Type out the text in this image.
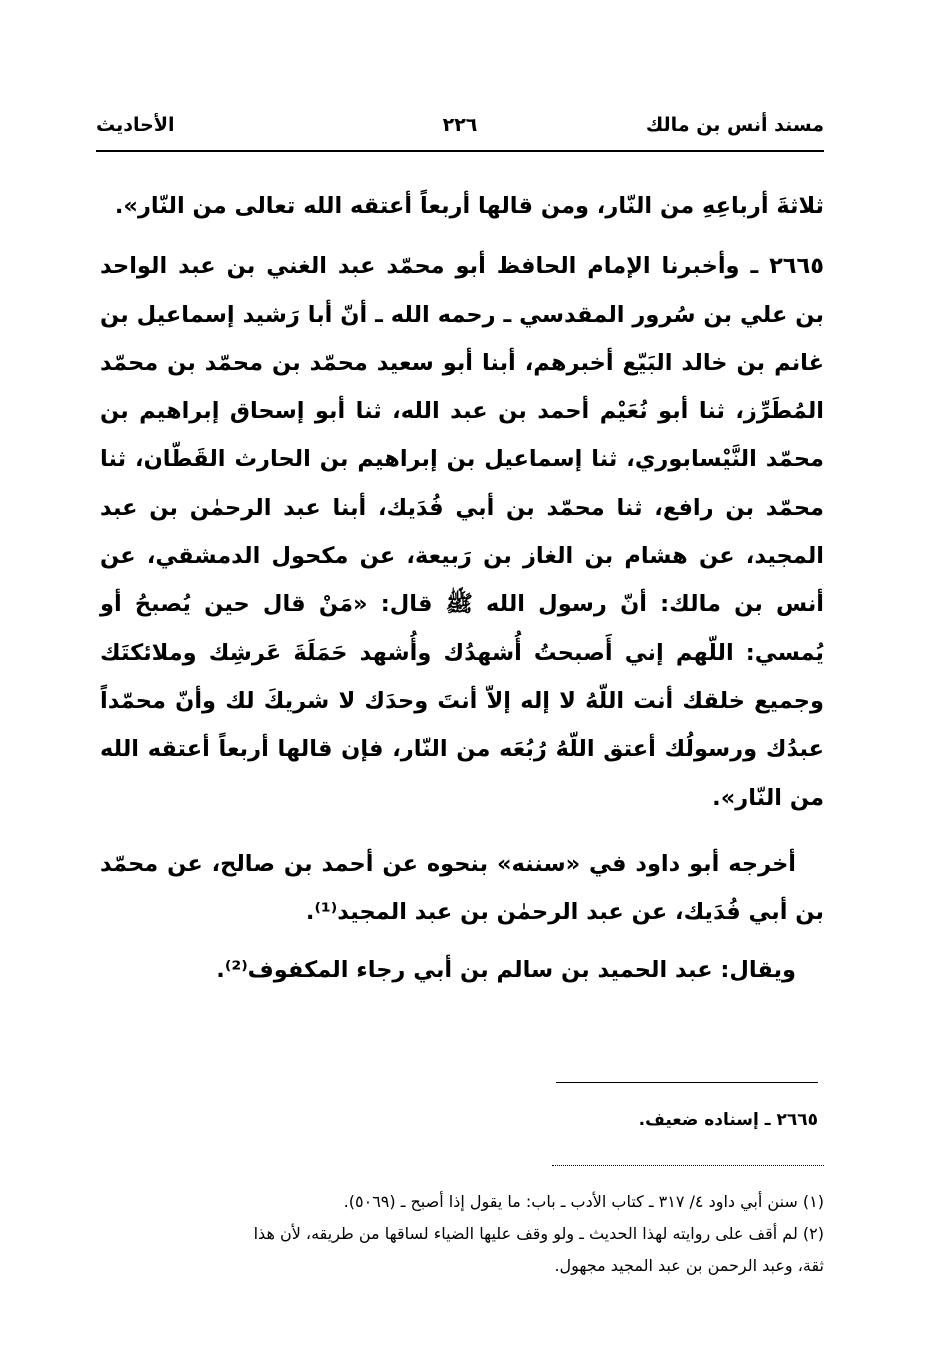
مسند أنس بن مالك
٢٢٦
الأحاديث

ثلاثةَ أرباعِهِ من النّار، ومن قالها أربعاً أعتقه الله تعالى من النّار».

٢٦٦٥ ـ وأخبرنا الإمام الحافظ أبو محمّد عبد الغني بن عبد الواحد بن علي بن سُرور المقدسي ـ رحمه الله ـ أنّ أبا رَشيد إسماعيل بن غانم بن خالد البَيّع أخبرهم، أبنا أبو سعيد محمّد بن محمّد بن محمّد المُطَرِّز، ثنا أبو نُعَيْم أحمد بن عبد الله، ثنا أبو إسحاق إبراهيم بن محمّد النَّيْسابوري، ثنا إسماعيل بن إبراهيم بن الحارث القَطّان، ثنا محمّد بن رافع، ثنا محمّد بن أبي فُدَيك، أبنا عبد الرحمٰن بن عبد المجيد، عن هشام بن الغاز بن رَبيعة، عن مكحول الدمشقي، عن أنس بن مالك: أنّ رسول الله ﷺ قال: «مَنْ قال حين يُصبحُ أو يُمسي: اللّهم إني أَصبحتُ أُشهدُك وأُشهد حَمَلَةَ عَرشِك وملائكتَك وجميع خلقك أنت اللّهُ لا إله إلاّ أنتَ وحدَك لا شريكَ لك وأنّ محمّداً عبدُك ورسولُك أعتق اللّهُ رُبُعَه من النّار، فإن قالها أربعاً أعتقه الله من النّار».

أخرجه أبو داود في «سننه» بنحوه عن أحمد بن صالح، عن محمّد بن أبي فُدَيك، عن عبد الرحمٰن بن عبد المجيد⁽¹⁾.

ويقال: عبد الحميد بن سالم بن أبي رجاء المكفوف⁽²⁾.

٢٦٦٥ ـ إسناده ضعيف.

(١) سنن أبي داود ٤/ ٣١٧ ـ كتاب الأدب ـ باب: ما يقول إذا أصبح ـ (٥٠٦٩).

(٢) لم أقف على روايته لهذا الحديث ـ ولو وقف عليها الضياء لساقها من طريقه، لأن هذا

ثقة، وعبد الرحمن بن عبد المجيد مجهول.
